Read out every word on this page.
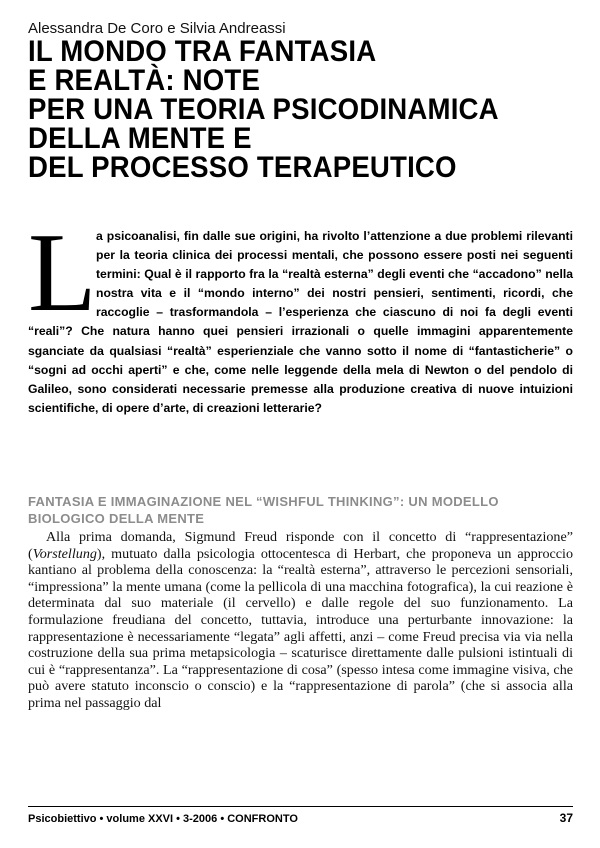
Alessandra De Coro e Silvia Andreassi
IL MONDO TRA FANTASIA
E REALTÀ: NOTE
PER UNA TEORIA PSICODINAMICA
DELLA MENTE E
DEL PROCESSO TERAPEUTICO
La psicoanalisi, fin dalle sue origini, ha rivolto l’attenzione a due problemi rilevanti per la teoria clinica dei processi mentali, che possono essere posti nei seguenti termini: Qual è il rapporto fra la “realtà esterna” degli eventi che “accadono” nella nostra vita e il “mondo interno” dei nostri pensieri, sentimenti, ricordi, che raccoglie – trasformandola – l’esperienza che ciascuno di noi fa degli eventi “reali”? Che natura hanno quei pensieri irrazionali o quelle immagini apparentemente sganciate da qualsiasi “realtà” esperienziale che vanno sotto il nome di “fantasticherie” o “sogni ad occhi aperti” e che, come nelle leggende della mela di Newton o del pendolo di Galileo, sono considerati necessarie premesse alla produzione creativa di nuove intuizioni scientifiche, di opere d’arte, di creazioni letterarie?
FANTASIA E IMMAGINAZIONE NEL “WISHFUL THINKING”: UN MODELLO BIOLOGICO DELLA MENTE
Alla prima domanda, Sigmund Freud risponde con il concetto di “rappresentazione” (Vorstellung), mutuato dalla psicologia ottocentesca di Herbart, che proponeva un approccio kantiano al problema della conoscenza: la “realtà esterna”, attraverso le percezioni sensoriali, “impressiona” la mente umana (come la pellicola di una macchina fotografica), la cui reazione è determinata dal suo materiale (il cervello) e dalle regole del suo funzionamento. La formulazione freudiana del concetto, tuttavia, introduce una perturbante innovazione: la rappresentazione è necessariamente “legata” agli affetti, anzi – come Freud precisa via via nella costruzione della sua prima metapsicologia – scaturisce direttamente dalle pulsioni istintuali di cui è “rappresentanza”. La “rappresentazione di cosa” (spesso intesa come immagine visiva, che può avere statuto inconscio o conscio) e la “rappresentazione di parola” (che si associa alla prima nel passaggio dal
Psicobiettivo • volume XXVI • 3-2006 • CONFRONTO	37
